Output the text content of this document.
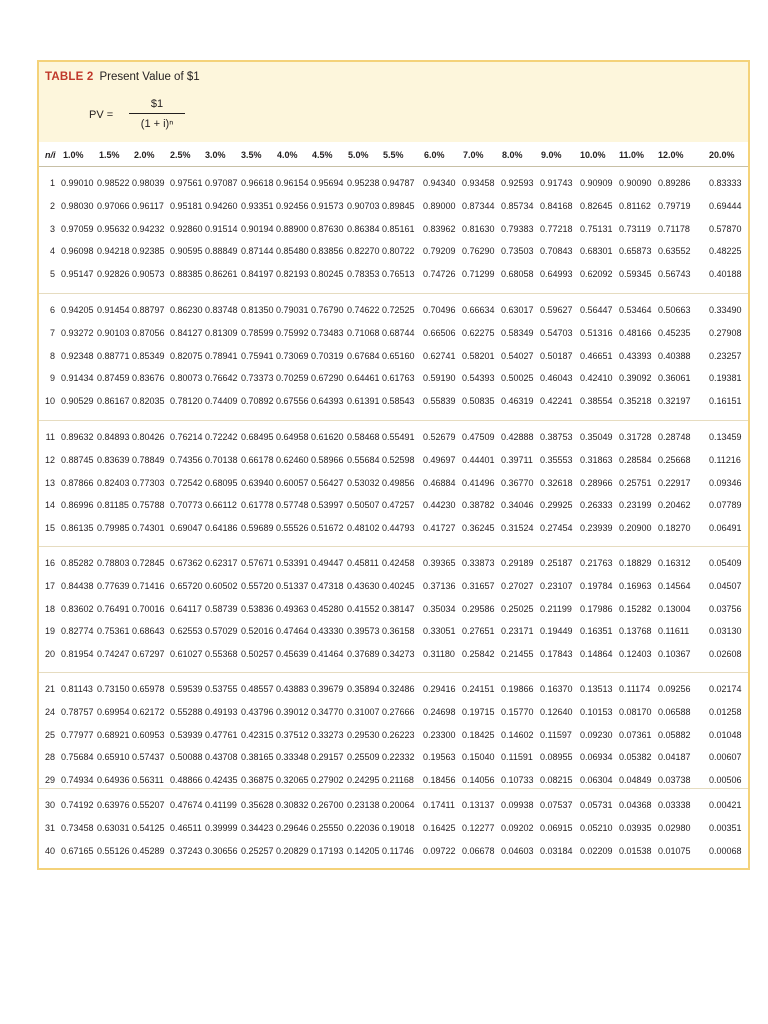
TABLE 2 Present Value of $1
PV =
$1
(1 + i)ⁿ
n/i 1.0% 1.5% 2.0% 2.5% 3.0% 3.5% 4.0% 4.5% 5.0% 5.5% 6.0% 7.0% 8.0% 9.0% 10.0% 11.0% 12.0%	20.0%
1 0.99010 0.98522 0.98039 0.97561 0.97087 0.96618 0.96154 0.95694 0.95238 0.94787 0.94340 0.93458 0.92593 0.91743 0.90909 0.90090 0.89286 0.83333
2 0.98030 0.97066 0.96117 0.95181 0.94260 0.93351 0.92456 0.91573 0.90703 0.89845 0.89000 0.87344 0.85734 0.84168 0.82645 0.81162 0.79719 0.69444
3 0.97059 0.95632 0.94232 0.92860 0.91514 0.90194 0.88900 0.87630 0.86384 0.85161 0.83962 0.81630 0.79383 0.77218 0.75131 0.73119 0.71178 0.57870
4 0.96098 0.94218 0.92385 0.90595 0.88849 0.87144 0.85480 0.83856 0.82270 0.80722 0.79209 0.76290 0.73503 0.70843 0.68301 0.65873 0.63552 0.48225
5 0.95147 0.92826 0.90573 0.88385 0.86261 0.84197 0.82193 0.80245 0.78353 0.76513 0.74726 0.71299 0.68058 0.64993 0.62092 0.59345 0.56743 0.40188
6 0.94205 0.91454 0.88797 0.86230 0.83748 0.81350 0.79031 0.76790 0.74622 0.72525 0.70496 0.66634 0.63017 0.59627 0.56447 0.53464 0.50663 0.33490
7 0.93272 0.90103 0.87056 0.84127 0.81309 0.78599 0.75992 0.73483 0.71068 0.68744 0.66506 0.62275 0.58349 0.54703 0.51316 0.48166 0.45235 0.27908
8 0.92348 0.88771 0.85349 0.82075 0.78941 0.75941 0.73069 0.70319 0.67684 0.65160 0.62741 0.58201 0.54027 0.50187 0.46651 0.43393 0.40388 0.23257
9 0.91434 0.87459 0.83676 0.80073 0.76642 0.73373 0.70259 0.67290 0.64461 0.61763 0.59190 0.54393 0.50025 0.46043 0.42410 0.39092 0.36061 0.19381
10 0.90529 0.86167 0.82035 0.78120 0.74409 0.70892 0.67556 0.64393 0.61391 0.58543 0.55839 0.50835 0.46319 0.42241 0.38554 0.35218 0.32197 0.16151
11 0.89632 0.84893 0.80426 0.76214 0.72242 0.68495 0.64958 0.61620 0.58468 0.55491 0.52679 0.47509 0.42888 0.38753 0.35049 0.31728 0.28748 0.13459
12 0.88745 0.83639 0.78849 0.74356 0.70138 0.66178 0.62460 0.58966 0.55684 0.52598 0.49697 0.44401 0.39711 0.35553 0.31863 0.28584 0.25668 0.11216
13 0.87866 0.82403 0.77303 0.72542 0.68095 0.63940 0.60057 0.56427 0.53032 0.49856 0.46884 0.41496 0.36770 0.32618 0.28966 0.25751 0.22917 0.09346
14 0.86996 0.81185 0.75788 0.70773 0.66112 0.61778 0.57748 0.53997 0.50507 0.47257 0.44230 0.38782 0.34046 0.29925 0.26333 0.23199 0.20462 0.07789
15 0.86135 0.79985 0.74301 0.69047 0.64186 0.59689 0.55526 0.51672 0.48102 0.44793 0.41727 0.36245 0.31524 0.27454 0.23939 0.20900 0.18270 0.06491
16 0.85282 0.78803 0.72845 0.67362 0.62317 0.57671 0.53391 0.49447 0.45811 0.42458 0.39365 0.33873 0.29189 0.25187 0.21763 0.18829 0.16312 0.05409
17 0.84438 0.77639 0.71416 0.65720 0.60502 0.55720 0.51337 0.47318 0.43630 0.40245 0.37136 0.31657 0.27027 0.23107 0.19784 0.16963 0.14564 0.04507
18 0.83602 0.76491 0.70016 0.64117 0.58739 0.53836 0.49363 0.45280 0.41552 0.38147 0.35034 0.29586 0.25025 0.21199 0.17986 0.15282 0.13004 0.03756
19 0.82774 0.75361 0.68643 0.62553 0.57029 0.52016 0.47464 0.43330 0.39573 0.36158 0.33051 0.27651 0.23171 0.19449 0.16351 0.13768 0.11611 0.03130
20 0.81954 0.74247 0.67297 0.61027 0.55368 0.50257 0.45639 0.41464 0.37689 0.34273 0.31180 0.25842 0.21455 0.17843 0.14864 0.12403 0.10367 0.02608
21 0.81143 0.73150 0.65978 0.59539 0.53755 0.48557 0.43883 0.39679 0.35894 0.32486 0.29416 0.24151 0.19866 0.16370 0.13513 0.11174 0.09256 0.02174
24 0.78757 0.69954 0.62172 0.55288 0.49193 0.43796 0.39012 0.34770 0.31007 0.27666 0.24698 0.19715 0.15770 0.12640 0.10153 0.08170 0.06588 0.01258
25 0.77977 0.68921 0.60953 0.53939 0.47761 0.42315 0.37512 0.33273 0.29530 0.26223 0.23300 0.18425 0.14602 0.11597 0.09230 0.07361 0.05882 0.01048
28 0.75684 0.65910 0.57437 0.50088 0.43708 0.38165 0.33348 0.29157 0.25509 0.22332 0.19563 0.15040 0.11591 0.08955 0.06934 0.05382 0.04187 0.00607
29 0.74934 0.64936 0.56311 0.48866 0.42435 0.36875 0.32065 0.27902 0.24295 0.21168 0.18456 0.14056 0.10733 0.08215 0.06304 0.04849 0.03738 0.00506
30 0.74192 0.63976 0.55207 0.47674 0.41199 0.35628 0.30832 0.26700 0.23138 0.20064 0.17411 0.13137 0.09938 0.07537 0.05731 0.04368 0.03338 0.00421
31 0.73458 0.63031 0.54125 0.46511 0.39999 0.34423 0.29646 0.25550 0.22036 0.19018 0.16425 0.12277 0.09202 0.06915 0.05210 0.03935 0.02980 0.00351
40 0.67165 0.55126 0.45289 0.37243 0.30656 0.25257 0.20829 0.17193 0.14205 0.11746 0.09722 0.06678 0.04603 0.03184 0.02209 0.01538 0.01075 0.00068
